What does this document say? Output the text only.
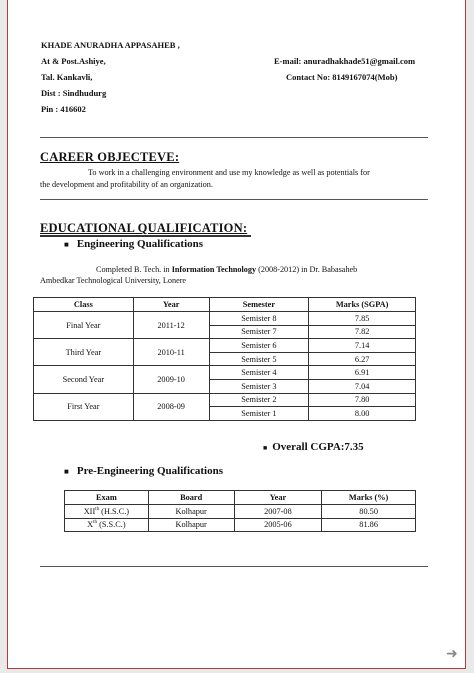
KHADE ANURADHA APPASAHEB ,
At & Post.Ashiye,
Tal. Kankavli,
Dist : Sindhudurg
Pin : 416602
E-mail: anuradhakhade51@gmail.com
Contact No: 8149167074(Mob)
CAREER OBJECTEVE:
To work in a challenging environment and use my knowledge as well as potentials for
the development and profitability of an organization.
EDUCATIONAL QUALIFICATION:
■ Engineering Qualifications
Completed B. Tech. in Information Technology (2008-2012) in Dr. Babasaheb
Ambedkar Technological University, Lonere
Class	Year	Semester	Marks (SGPA)
Final Year	2011-12	Semister 8	7.85
		Semister 7	7.82
Third Year	2010-11	Semister 6	7.14
		Semister 5	6.27
Second Year	2009-10	Semister 4	6.91
		Semister 3	7.04
First Year	2008-09	Semister 2	7.80
		Semister 1	8.00
■ Overall CGPA:7.35
■ Pre-Engineering Qualifications
Exam	Board	Year	Marks (%)
XIIth (H.S.C.)	Kolhapur	2007-08	80.50
Xth (S.S.C.)	Kolhapur	2005-06	81.86
➜
